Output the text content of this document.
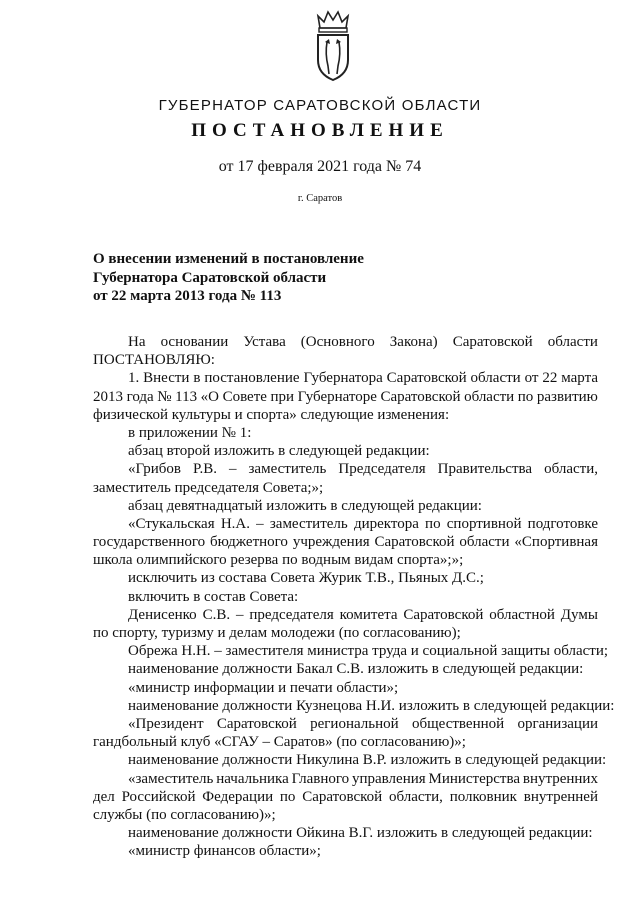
ГУБЕРНАТОР САРАТОВСКОЙ ОБЛАСТИ
ПОСТАНОВЛЕНИЕ
от 17 февраля 2021 года № 74
г. Саратов
О внесении изменений в постановление
Губернатора Саратовской области
от 22 марта 2013 года № 113
На основании Устава (Основного Закона) Саратовской области
ПОСТАНОВЛЯЮ:
1. Внести в постановление Губернатора Саратовской области от 22 марта
2013 года № 113 «О Совете при Губернаторе Саратовской области по развитию
физической культуры и спорта» следующие изменения:
в приложении № 1:
абзац второй изложить в следующей редакции:
«Грибов Р.В. – заместитель Председателя Правительства области,
заместитель председателя Совета;»;
абзац девятнадцатый изложить в следующей редакции:
«Стукальская Н.А. – заместитель директора по спортивной подготовке
государственного бюджетного учреждения Саратовской области «Спортивная
школа олимпийского резерва по водным видам спорта»;»;
исключить из состава Совета Журик Т.В., Пьяных Д.С.;
включить в состав Совета:
Денисенко С.В. – председателя комитета Саратовской областной Думы
по спорту, туризму и делам молодежи (по согласованию);
Обрежа Н.Н. – заместителя министра труда и социальной защиты области;
наименование должности Бакал С.В. изложить в следующей редакции:
«министр информации и печати области»;
наименование должности Кузнецова Н.И. изложить в следующей редакции:
«Президент Саратовской региональной общественной организации
гандбольный клуб «СГАУ – Саратов» (по согласованию)»;
наименование должности Никулина В.Р. изложить в следующей редакции:
«заместитель начальника Главного управления Министерства внутренних
дел Российской Федерации по Саратовской области, полковник внутренней
службы (по согласованию)»;
наименование должности Ойкина В.Г. изложить в следующей редакции:
«министр финансов области»;
